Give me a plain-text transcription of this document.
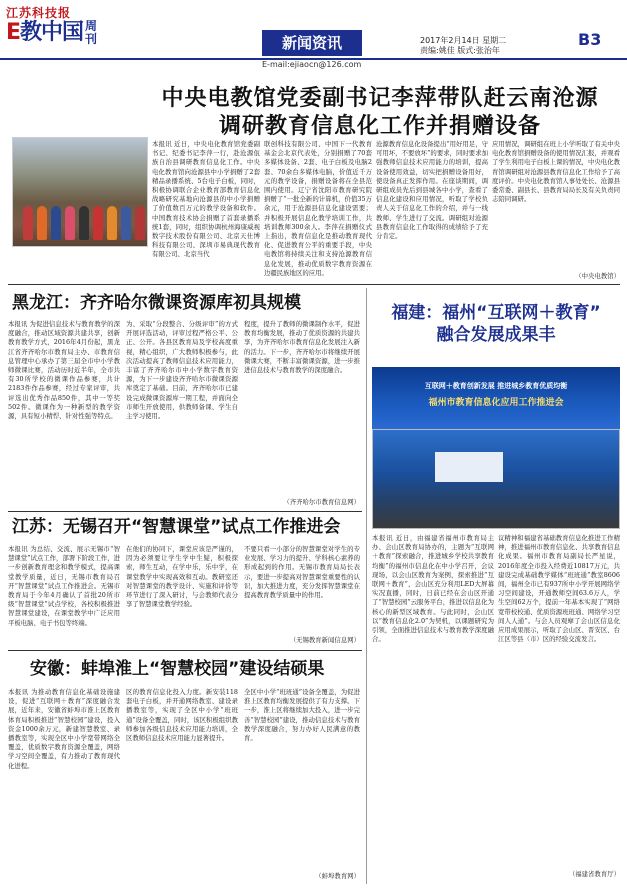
江苏科技报
E教中国 周刊	新闻资讯	2017年2月14日 星期二
责编:姚佳 版式:张治年
B3
E-mail:ejiaocn@126.com
中央电教馆党委副书记李萍带队赶云南沧源
调研教育信息化工作并捐赠设备
本报讯 近日，中央电化教育馆党委副书记、纪委书记李萍一行，赴沧源佤族自治县调研教育信息化工作。中央电化教育馆向沧源县中小学捐赠了2套精品录播系统、5台电子白板，同时，积极协调联合企业教育部教育信息化战略研究基地向沧源县的中小学捐赠了价值数百万元的教学设备和软件。中国教育技术协会捐赠了首套录播系统1套，同时，组织协调杭州海康威视数字技术股份有限公司、北京天仕博科技有限公司、深圳市易典现代教育有限公司、北京当代
联创科技有限公司、中国下一代教育基金会北京代表处，分别捐赠了70套多媒体设备、2套、电子白板及电脑2套、70余台多媒体电脑，价值近千万元的教学设备，捐赠设备将在全县范围内使用。辽宁省沈阳市教育研究院捐赠了“一批全新的计算机，价值35万余元，用于沧源县信息化建设需要；并积极开展信息化教学培训工作，共培训教师300余人。李萍在捐赠仪式上指出，教育信息化是推动教育现代化、促进教育公平的重要手段，中央电教馆将持续关注和支持沧源教育信息化发展，推动优质数字教育资源在边疆民族地区的应用。
沧源教育信息化设备提出“用好用足，守可用坏，不要放坏”的要求，同时要求加强教师信息技术应用能力的培训，提高设备使用效益，切实把捐赠设备用好，使设备真正发挥作用。在座谈期间，调研组成员先后到县城各中小学，查看了信息化建设和应用情况，听取了学校负责人关于信息化工作的介绍，并与一线教师、学生进行了交流。调研组对沧源县教育信息化工作取得的成绩给予了充分肯定。
应用情况，调研组在班上小学听取了有关中央电化教育馆捐赠设备的使用情况汇报，并观看了学生利用电子白板上课的情况，中央电化教育馆调研组对沧源县教育信息化工作给予了高度评价。中央电化教育馆人事处处长、沧源县委常委、副县长、县教育局局长及有关负责同志陪同调研。
（中央电教馆）
黑龙江：齐齐哈尔微课资源库初具规模
本报讯 为促进信息技术与教育教学的深度融合，推动区域资源共建共享，创新教育教学方式，2016年4月份起，黑龙江省齐齐哈尔市教育局主办、市教育信息管理中心承办了第三届全市中小学教师微课比赛，活动历时近半年，全市共有30所学校的微课作品参赛，共计2183件作品参赛，经过专家评审，共评选出优秀作品850件，其中一等奖502件。微课作为一种新型的教学资源，具有短小精悍、针对性强等特点。
为、采取“分段整合、分级评审”的方式开展评选活动，评审过程严格公平、公正、公开。各县区教育局及学校高度重视，精心组织，广大教师积极参与，此次活动提高了教师信息技术应用能力，丰富了齐齐哈尔市中小学数字教育资源，为下一步建设齐齐哈尔市微课资源库奠定了基础。目前，齐齐哈尔市已建设完成微课资源库一期工程，并面向全市师生开放使用，供教师备课、学生自主学习使用。
程度，提升了教师的微课制作水平，促进教育均衡发展，推动了优质资源的共建共享，为齐齐哈尔市教育信息化发展注入新的活力。下一步，齐齐哈尔市将继续开展微课大赛，不断丰富微课资源，进一步推进信息技术与教育教学的深度融合。
（齐齐哈尔市教育信息网）
福建：福州“互联网＋教育”
融合发展成果丰
互联网＋教育创新发展 推进城乡教育优质均衡
福州市教育信息化应用工作推进会
本报讯 近日，由福建省福州市教育局主办、会山区教育局协办的，主题为“互联网＋教育”探索融合，推进城乡学校共享教育均衡”的福州市信息化在中小学召开，会议现场，以会山区教育为案例，探索推进“互联网＋教育”，会山区充分利用LED大屏幕实况直播，同时，日前已经在会山区开通了“智慧校园”云服务平台，推进以信息化为核心的新型区域教育。与此同时，会山区以“教育信息化2.0”为契机，以课题研究为引领，全面推进信息技术与教育教学深度融合。
议精神和福建省基础教育信息化推进工作精神，推进福州市教育信息化、共享教育信息化成果。福州市教育局副局长严星说，2016年度全市投入经费近10817万元，共建设完成基础教学媒体“班班通”教室8606间，福州全市已有937所中小学开展网络学习空间建设，开通教师空间63.6万人，学生空间62万个，提前一年基本实现了“网络宽带校校通、优质资源班班通、网络学习空间人人通”。与会人员观摩了会山区信息化应用成果展示，听取了会山区、晋安区、台江区等县（市）区的经验交流发言。
（福建省教育厅）
江苏：无锡召开“智慧课堂”试点工作推进会
本报讯 为总结、交流、展示无锡市“智慧课堂”试点工作，部署下阶段工作，进一步创新教育理念和教学模式，提高课堂教学质量，近日，无锡市教育局召开“智慧课堂”试点工作推进会。无锡市教育局于今年4月确认了首批20所市级“智慧课堂”试点学校，各校积极推进智慧课堂建设，在课堂教学中广泛应用平板电脑、电子书包等终端。
在他们的协同下，课堂应该是严谨的，因为必须要让学生学中生疑，积极探索，师生互动，在学中乐，乐中学，在课堂教学中实现高效和互动。教研室还对智慧课堂的教学设计、实施和评价等环节进行了深入研讨，与会教师代表分享了智慧课堂教学经验。
不要只看一小部分的智慧课堂对学生的专业发展、学习力的提升、学科核心素养的形成起到的作用。无锡市教育局局长表示，要进一步提高对智慧课堂重要性的认识，加大推进力度，充分发挥智慧课堂在提高教育教学质量中的作用。
（无锡教育新闻信息网）
安徽：蚌埠淮上“智慧校园”建设结硕果
本报讯 为推动教育信息化基础设施建设，促进“互联网＋教育”深度融合发展，近年来，安徽省蚌埠市淮上区教育体育局积极推进“智慧校园”建设，投入资金1000余万元，新建智慧教室、录播教室等，实现全区中小学宽带网络全覆盖，优质数字教育资源全覆盖，网络学习空间全覆盖，有力推动了教育现代化进程。
区的教育信息化投入力度。新安装118套电子白板，并开通网络教室、建设录播教室等，实现了全区中小学“班班通”设备全覆盖，同时，该区积极组织教师参加各级信息技术应用能力培训，全区教师信息技术应用能力显著提升。
全区中小学“班班通”设备全覆盖，为促进淮上区教育均衡发展提供了有力支撑。下一步，淮上区将继续加大投入，进一步完善“智慧校园”建设，推动信息技术与教育教学深度融合，努力办好人民满意的教育。
（蚌埠教育网）
